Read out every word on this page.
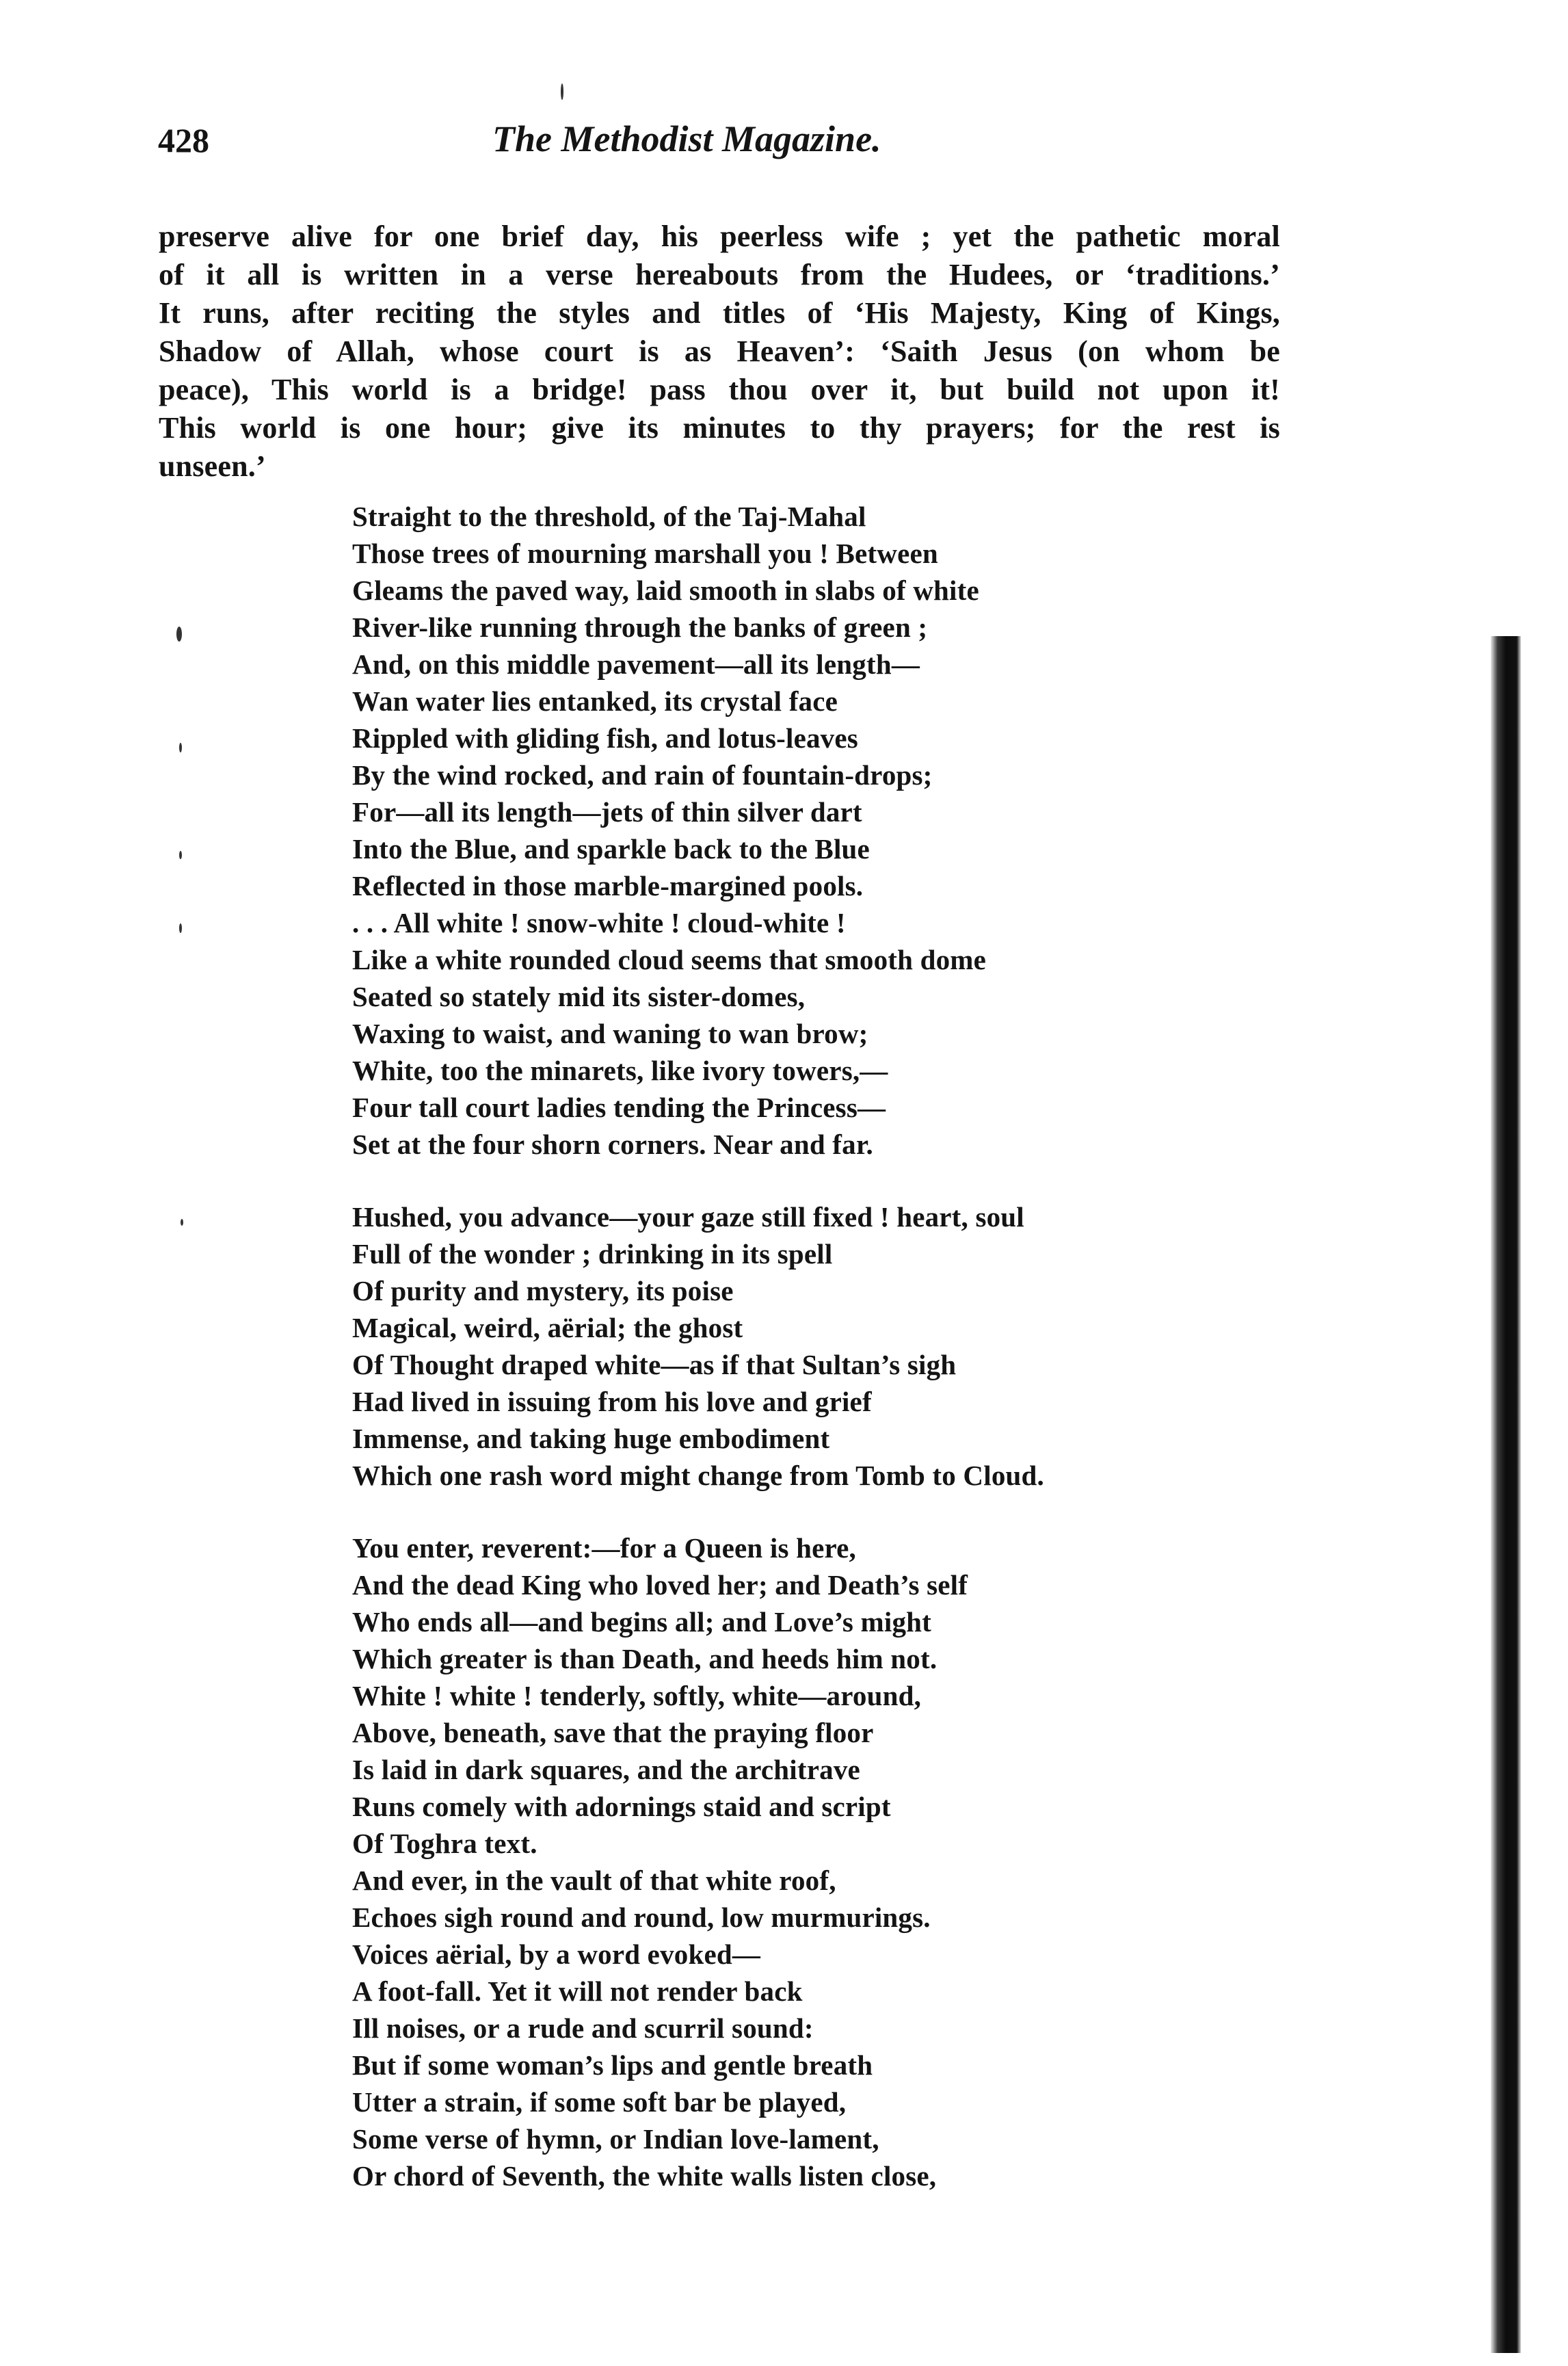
428	The Methodist Magazine.
preserve alive for one brief day, his peerless wife ; yet the pathetic moral
of it all is written in a verse hereabouts from the Hudees, or ‘traditions.’
It runs, after reciting the styles and titles of ‘His Majesty, King of Kings,
Shadow of Allah, whose court is as Heaven’: ‘Saith Jesus (on whom be
peace), This world is a bridge! pass thou over it, but build not upon it!
This world is one hour; give its minutes to thy prayers; for the rest is
unseen.’
Straight to the threshold, of the Taj-Mahal
Those trees of mourning marshall you ! Between
Gleams the paved way, laid smooth in slabs of white
River-like running through the banks of green ;
And, on this middle pavement—all its length—
Wan water lies entanked, its crystal face
Rippled with gliding fish, and lotus-leaves
By the wind rocked, and rain of fountain-drops;
For—all its length—jets of thin silver dart
Into the Blue, and sparkle back to the Blue
Reflected in those marble-margined pools.
. . . All white ! snow-white ! cloud-white !
Like a white rounded cloud seems that smooth dome
Seated so stately mid its sister-domes,
Waxing to waist, and waning to wan brow;
White, too the minarets, like ivory towers,—
Four tall court ladies tending the Princess—
Set at the four shorn corners. Near and far.
Hushed, you advance—your gaze still fixed ! heart, soul
Full of the wonder ; drinking in its spell
Of purity and mystery, its poise
Magical, weird, aërial; the ghost
Of Thought draped white—as if that Sultan’s sigh
Had lived in issuing from his love and grief
Immense, and taking huge embodiment
Which one rash word might change from Tomb to Cloud.
You enter, reverent:—for a Queen is here,
And the dead King who loved her; and Death’s self
Who ends all—and begins all; and Love’s might
Which greater is than Death, and heeds him not.
White ! white ! tenderly, softly, white—around,
Above, beneath, save that the praying floor
Is laid in dark squares, and the architrave
Runs comely with adornings staid and script
Of Toghra text.
And ever, in the vault of that white roof,
Echoes sigh round and round, low murmurings.
Voices aërial, by a word evoked—
A foot-fall. Yet it will not render back
Ill noises, or a rude and scurril sound:
But if some woman’s lips and gentle breath
Utter a strain, if some soft bar be played,
Some verse of hymn, or Indian love-lament,
Or chord of Seventh, the white walls listen close,
